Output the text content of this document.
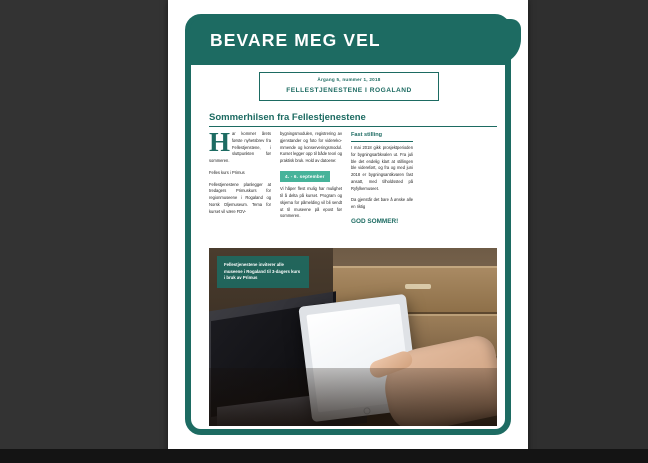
BEVARE MEG VEL
Årgang 5, nummer 1, 2018
FELLESTJENESTENE I ROGALAND
Sommerhilsen fra Fellestjenestene

H ar kommer årets første nyhetsbrev fra Fellestjenstene, i sluttpunkten før sommeren.

Felles kurs i Primus

Fellestjenestene planlegger at tredagers Primuskurs for regionmuseene i Rogaland og Norsk Oljemuseum. Tema for kurset vil være FDV-

bygningsmodulen, registrering av gjenstander og foto for viderekommende og konserveringsmodul. Kurset legger opp til både teori og praktisk bruk. Hold av datoene:

4. - 6. september

Vi håper flest mulig har mulighet til å delta på kurset. Program og skjema for påmelding vil bli sendt ut til museene på epost før sommeren.

Fast stilling

I mai 2018 gikk prosjektperioden for bygningsarbkvalen ut. Fra juli ble det endelig klart at stillingen ble videreført, og fra og med juni 2018 er bygningsantikvaren fast ansatt, med tilholdssted på Ryfylkemuseet.

Da gjenstår det bare å ønske alle en riktig

GOD SOMMER!
Fellestjenestene inviterer alle museene i Rogaland til 3-dagers kurs i bruk av Primus
